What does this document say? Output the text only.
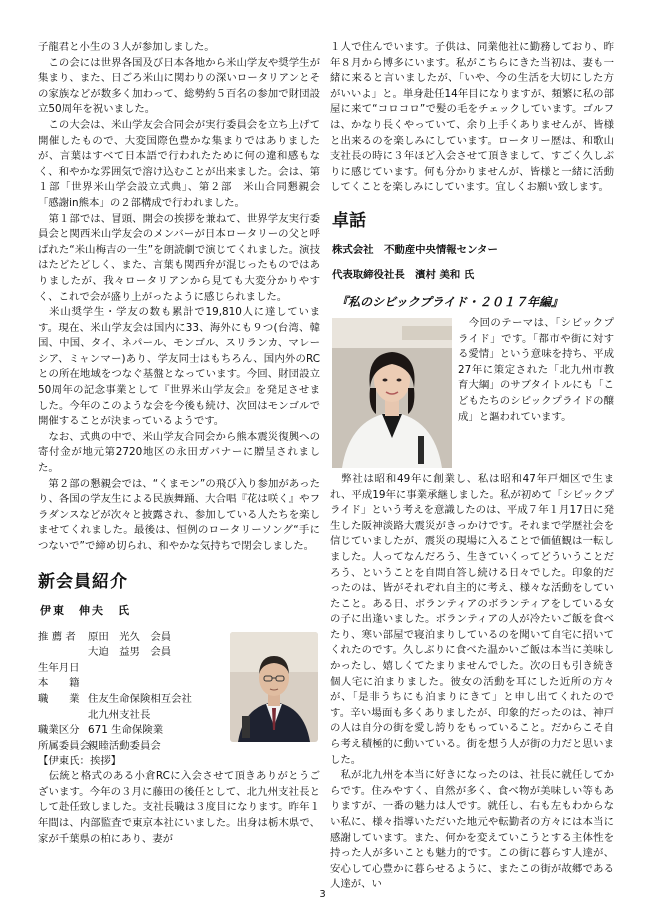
子龍君と小生の３人が参加しました。

　この会には世界各国及び日本各地から米山学友や奨学生が集まり、また、日ごろ米山に関わりの深いロータリアンとその家族などが数多く加わって、総勢約５百名の参加で財団設立50周年を祝いました。

　この大会は、米山学友会合同会が実行委員会を立ち上げて開催したもので、大変国際色豊かな集まりではありましたが、言葉はすべて日本語で行われたために何の違和感もなく、和やかな雰囲気で溶け込むことが出来ました。会は、第１部「世界米山学会設立式典」、第２部　米山合同懇親会「感謝in熊本」の２部構成で行われました。

　第１部では、冒頭、開会の挨拶を兼ねて、世界学友実行委員会と関西米山学友会のメンバーが日本ロータリーの父と呼ばれた“米山梅吉の一生”を朗読劇で演じてくれました。演技はたどたどしく、また、言葉も関西弁が混じったものではありましたが、我々ロータリアンから見ても大変分かりやすく、これで会が盛り上がったように感じられました。

　米山奨学生・学友の数も累計で19,810人に達しています。現在、米山学友会は国内に33、海外にも９つ(台湾、韓国、中国、タイ、ネパール、モンゴル、スリランカ、マレーシア、ミャンマー)あり、学友同士はもちろん、国内外のRCとの所在地域をつなぐ基盤となっています。今回、財団設立50周年の記念事業として『世界米山学友会』を発足させました。今年のこのような会を今後も続け、次回はモンゴルで開催することが決まっているようです。

　なお、式典の中で、米山学友合同会から熊本震災復興への寄付金が地元第2720地区の永田ガバナーに贈呈されました。

　第２部の懇親会では、“くまモン”の飛び入り参加があったり、各国の学友生による民族舞踊、大合唱『花は咲く』やフラダンスなどが次々と披露され、参加している人たちを楽しませてくれました。最後は、恒例のロータリーソング“手につないで”で締め切られ、和やかな気持ちで閉会しました。

新会員紹介
伊東　伸夫　氏
推 薦 者	原田　光久　会員
大迫　益男　会員
生年月日
本　　籍
職　　業 住友生命保険相互会社
北九州支社長
職業区分 671 生命保険業
所属委員会
親睦活動委員会

【伊東氏：挨拶】

　伝統と格式のある小倉RCに入会させて頂きありがとうございます。今年の３月に藤田の後任として、北九州支社長として赴任致しました。支社長職は３度目になります。昨年１年間は、内部監査で東京本社にいました。出身は栃木県で、家が千葉県の柏にあり、妻が

１人で住んでいます。子供は、同業他社に勤務しており、昨年８月から博多にいます。私がこちらにきた当初は、妻も一緒に来ると言いましたが、「いや、今の生活を大切にした方がいいよ」と。単身赴任14年目になりますが、頻繁に私の部屋に来て“コロコロ”で髪の毛をチェックしています。ゴルフは、かなり長くやっていて、余り上手くありませんが、皆様と出来るのを楽しみにしています。ロータリー歴は、和歌山支社長の時に３年ほど入会させて頂きまして、すごく久しぶりに感じています。何も分かりませんが、皆様と一緒に活動してくことを楽しみにしています。宜しくお願い致します。

卓話
株式会社　不動産中央情報センター
代表取締役社長　濱村 美和 氏
『私のシビックプライド・２０１７年編』

　今回のテーマは、「シビックプライド」です。「都市や街に対する愛情」という意味を持ち、平成27年に策定された「北九州市教育大綱」のサブタイトルにも「こどもたちのシビックプライドの醸成」と謳われています。

　弊社は昭和49年に創業し、私は昭和47年戸畑区で生まれ、平成19年に事業承継しました。私が初めて「シビックプライド」という考えを意識したのは、平成７年１月17日に発生した阪神淡路大震災がきっかけです。それまで学歴社会を信じていましたが、震災の現場に入ることで価値観は一転しました。人ってなんだろう、生きていくってどういうことだろう、ということを自問自答し続ける日々でした。印象的だったのは、皆がそれぞれ自主的に考え、様々な活動をしていたこと。ある日、ボランティアのボランティアをしている女の子に出逢いました。ボランティアの人が冷たいご飯を食べたり、寒い部屋で寝泊まりしているのを聞いて自宅に招いてくれたのです。久しぶりに食べた温かいご飯は本当に美味しかったし、嬉しくてたまりませんでした。次の日も引き続き個人宅に泊まりました。彼女の活動を耳にした近所の方々が、「是非うちにも泊まりにきて」と申し出てくれたのです。辛い場面も多くありましたが、印象的だったのは、神戸の人は自分の街を愛し誇りをもっていること。だからこそ自ら考え積極的に動いている。街を想う人が街の力だと思いました。

　私が北九州を本当に好きになったのは、社長に就任してからです。住みやすく、自然が多く、食べ物が美味しい等もありますが、一番の魅力は人です。就任し、右も左もわからない私に、様々指導いただいた地元や転勤者の方々には本当に感謝しています。また、何かを変えていこうとする主体性を持った人が多いことも魅力的です。この街に暮らす人達が、安心して心豊かに暮らせるように、またこの街が故郷である人達が、い

3
